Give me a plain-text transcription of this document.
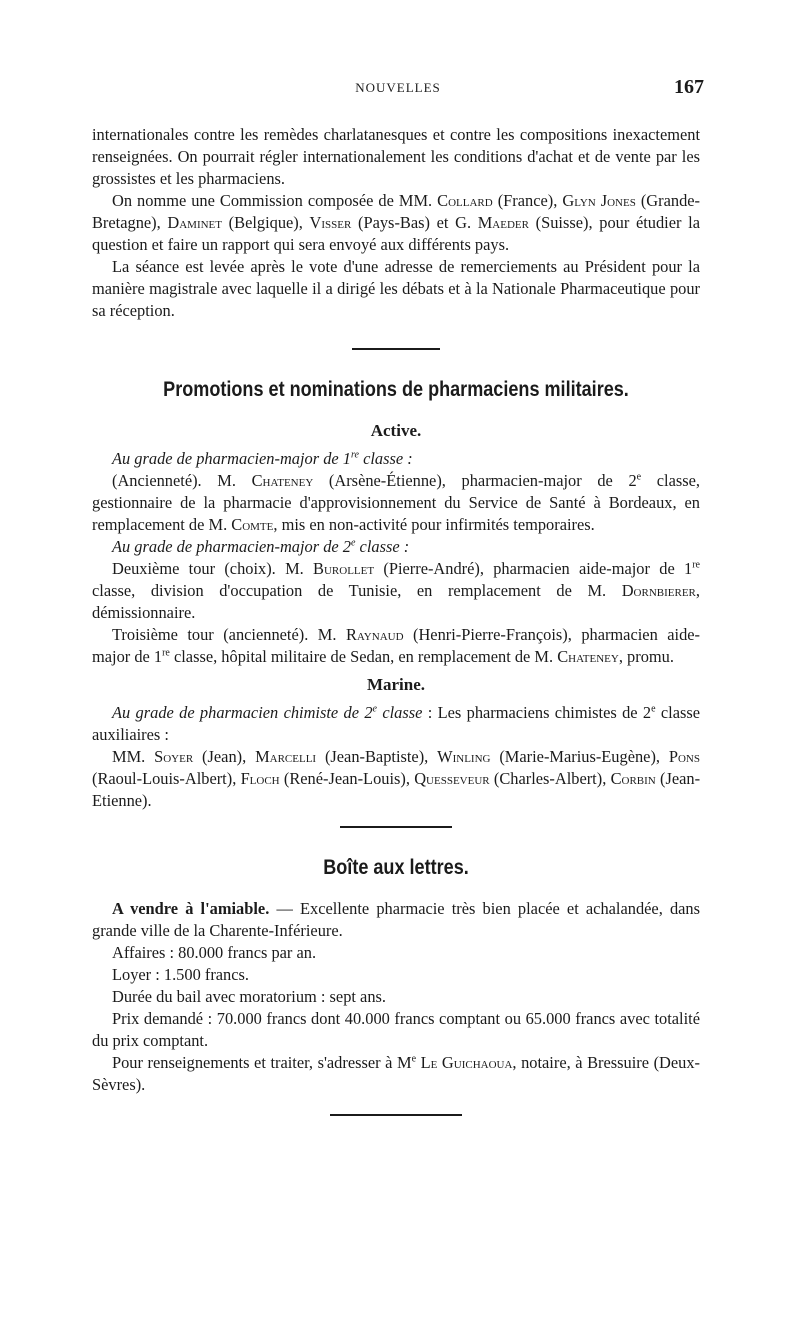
NOUVELLES	167

internationales contre les remèdes charlatanesques et contre les compositions inexactement renseignées. On pourrait régler internationalement les conditions d'achat et de vente par les grossistes et les pharmaciens.

On nomme une Commission composée de MM. Collard (France), Glyn Jones (Grande-Bretagne), Daminet (Belgique), Visser (Pays-Bas) et G. Maeder (Suisse), pour étudier la question et faire un rapport qui sera envoyé aux différents pays.

La séance est levée après le vote d'une adresse de remerciements au Président pour la manière magistrale avec laquelle il a dirigé les débats et à la Nationale Pharmaceutique pour sa réception.

Promotions et nominations de pharmaciens militaires.
Active.

Au grade de pharmacien-major de 1re classe :

(Ancienneté). M. Chateney (Arsène-Étienne), pharmacien-major de 2e classe, gestionnaire de la pharmacie d'approvisionnement du Service de Santé à Bordeaux, en remplacement de M. Comte, mis en non-activité pour infirmités temporaires.

Au grade de pharmacien-major de 2e classe :

Deuxième tour (choix). M. Burollet (Pierre-André), pharmacien aide-major de 1re classe, division d'occupation de Tunisie, en remplacement de M. Dornbierer, démissionnaire.

Troisième tour (ancienneté). M. Raynaud (Henri-Pierre-François), pharmacien aide-major de 1re classe, hôpital militaire de Sedan, en remplacement de M. Chateney, promu.

Marine.

Au grade de pharmacien chimiste de 2e classe : Les pharmaciens chimistes de 2e classe auxiliaires :

MM. Soyer (Jean), Marcelli (Jean-Baptiste), Winling (Marie-Marius-Eugène), Pons (Raoul-Louis-Albert), Floch (René-Jean-Louis), Quesseveur (Charles-Albert), Corbin (Jean-Etienne).

Boîte aux lettres.

A vendre à l'amiable. — Excellente pharmacie très bien placée et achalandée, dans grande ville de la Charente-Inférieure.

Affaires : 80.000 francs par an.

Loyer : 1.500 francs.

Durée du bail avec moratorium : sept ans.

Prix demandé : 70.000 francs dont 40.000 francs comptant ou 65.000 francs avec totalité du prix comptant.

Pour renseignements et traiter, s'adresser à Me Le Guichaoua, notaire, à Bressuire (Deux-Sèvres).
